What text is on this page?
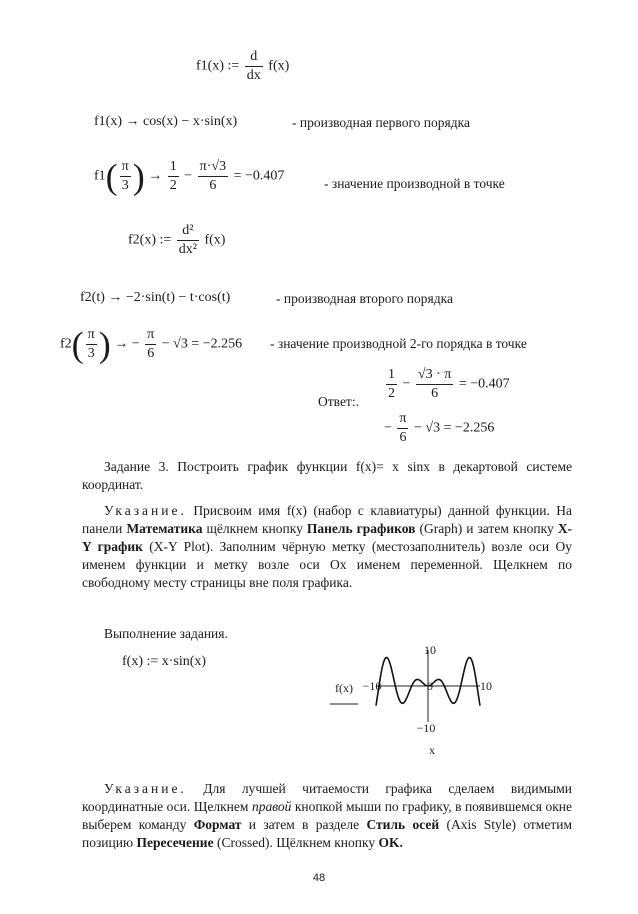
f1(x) := $\frac{d}{dx} f(x)$
f1(x) → cos(x) − x·sin(x)	- производная первого порядка
$f1( \frac{\pi}{3}$ ) → $\frac{1}{2} - \frac{\pi\cdot√3}{6} = -0.407$	- значение производной в точке
f2(x) := $\frac{\text{d²}}{\text{dx²}} f(x)$
f2(t) → −2·sin(t) − t·cos(t)	- производная второго порядка
$f2( \frac{\pi}{3}$ ) → − $\frac{\pi}{6} - √3 = -2.256$ - значение производной 2-го порядка в точке
Ответ:. $\frac{1}{2} - \frac{√3 \cdot \pi}{6} = -0.407$
− $\frac{\pi}{6} - √3 = -2.256$
Задание 3. Построить график функции f(x)= x sinx в декартовой системе координат.
Указание. Присвоим имя f(x) (набор с клавиатуры) данной функции. На панели Математика щёлкнем кнопку Панель графиков (Graph) и затем кнопку X-Y график (X-Y Plot). Заполним чёрную метку (местозаполнитель) возле оси Оу именем функции и метку возле оси Ох именем переменной. Щелкнем по свободному месту страницы вне поля графика.
Выполнение задания.
f(x) := x·sin(x)
−10	0	10
10
−10
f(x)
x
Указание. Для лучшей читаемости графика сделаем видимыми координатные оси. Щелкнем правой кнопкой мыши по графику, в появившемся окне выберем команду Формат и затем в разделе Стиль осей (Axis Style) отметим позицию Пересечение (Crossed). Щёлкнем кнопку OK.
48
